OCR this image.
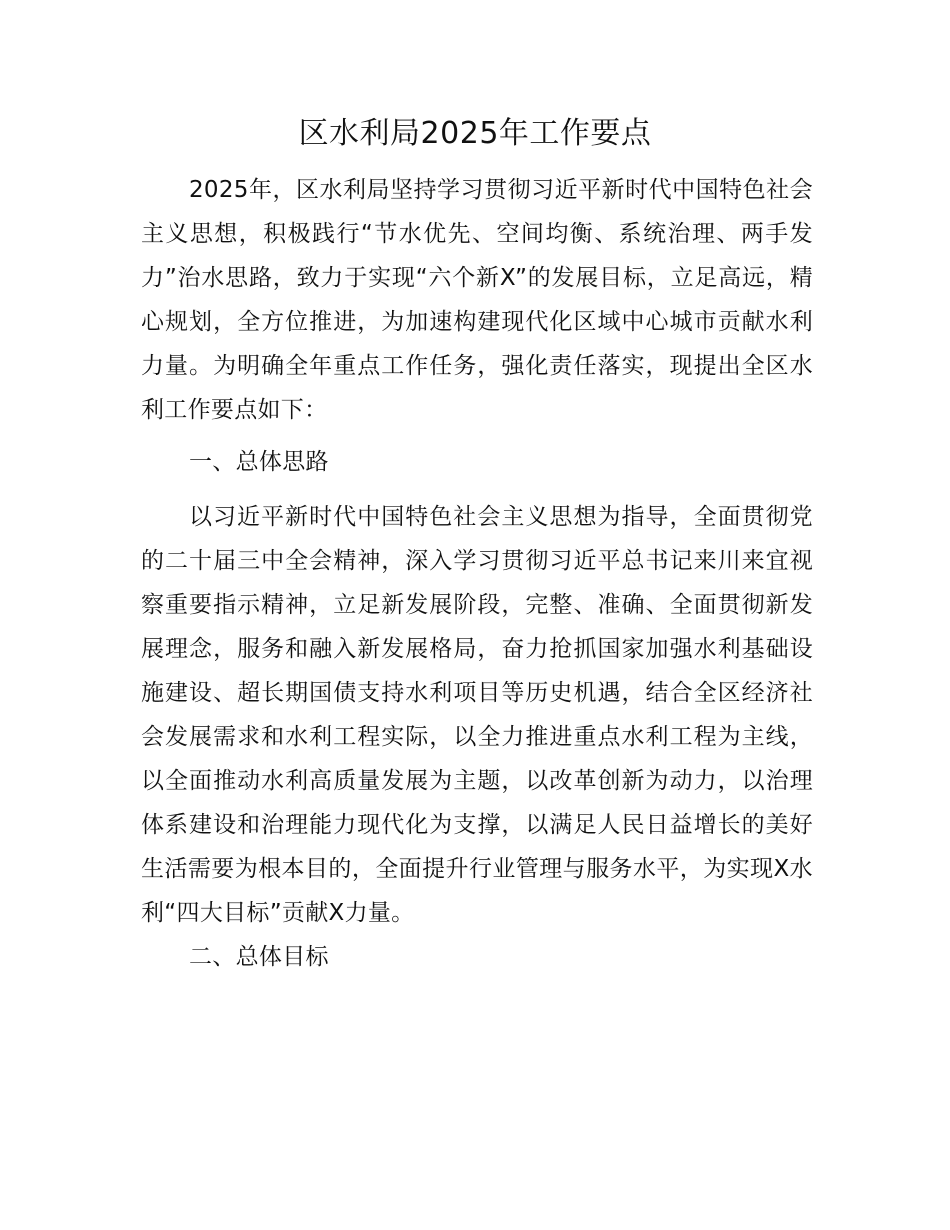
区水利局2025年工作要点

2025年，区水利局坚持学习贯彻习近平新时代中国特色社会主义思想，积极践行“节水优先、空间均衡、系统治理、两手发力”治水思路，致力于实现“六个新X”的发展目标，立足高远，精心规划，全方位推进，为加速构建现代化区域中心城市贡献水利力量。为明确全年重点工作任务，强化责任落实，现提出全区水利工作要点如下：

一、总体思路

以习近平新时代中国特色社会主义思想为指导，全面贯彻党的二十届三中全会精神，深入学习贯彻习近平总书记来川来宜视察重要指示精神，立足新发展阶段，完整、准确、全面贯彻新发展理念，服务和融入新发展格局，奋力抢抓国家加强水利基础设施建设、超长期国债支持水利项目等历史机遇，结合全区经济社会发展需求和水利工程实际，以全力推进重点水利工程为主线，以全面推动水利高质量发展为主题，以改革创新为动力，以治理体系建设和治理能力现代化为支撑，以满足人民日益增长的美好生活需要为根本目的，全面提升行业管理与服务水平，为实现X水利“四大目标”贡献X力量。

二、总体目标
